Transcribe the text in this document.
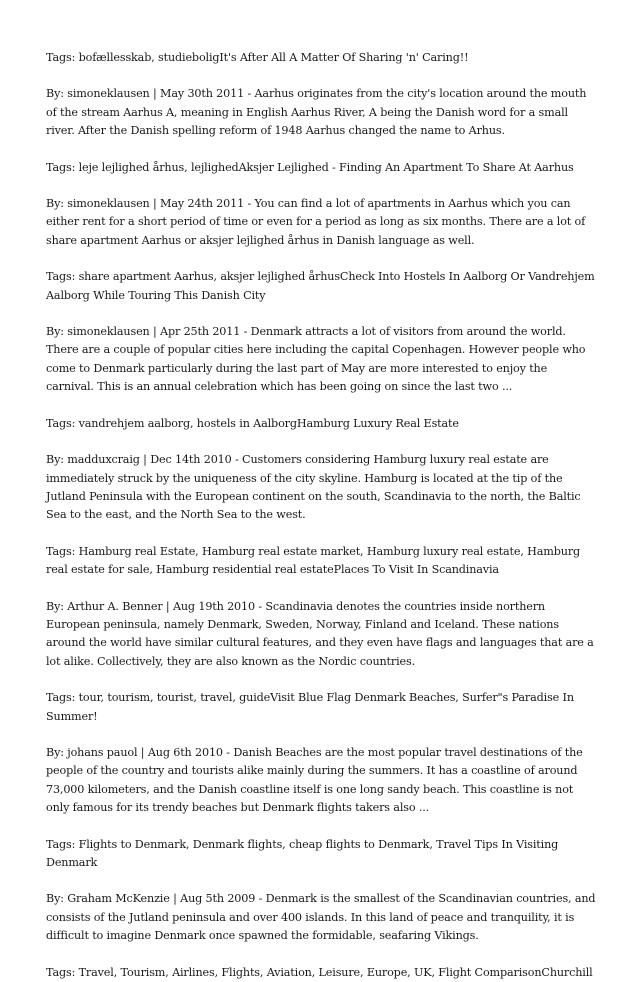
Tags: bofællesskab, studieboligIt's After All A Matter Of Sharing 'n' Caring!!

By: simoneklausen | May 30th 2011 - Aarhus originates from the city's location around the mouth of the stream Aarhus A, meaning in English Aarhus River, A being the Danish word for a small river. After the Danish spelling reform of 1948 Aarhus changed the name to Arhus.

Tags: leje lejlighed århus, lejlighedAksjer Lejlighed - Finding An Apartment To Share At Aarhus

By: simoneklausen | May 24th 2011 - You can find a lot of apartments in Aarhus which you can either rent for a short period of time or even for a period as long as six months. There are a lot of share apartment Aarhus or aksjer lejlighed århus in Danish language as well.

Tags: share apartment Aarhus, aksjer lejlighed århusCheck Into Hostels In Aalborg Or Vandrehjem Aalborg While Touring This Danish City

By: simoneklausen | Apr 25th 2011 - Denmark attracts a lot of visitors from around the world. There are a couple of popular cities here including the capital Copenhagen. However people who come to Denmark particularly during the last part of May are more interested to enjoy the carnival. This is an annual celebration which has been going on since the last two ...

Tags: vandrehjem aalborg, hostels in AalborgHamburg Luxury Real Estate

By: madduxcraig | Dec 14th 2010 - Customers considering Hamburg luxury real estate are immediately struck by the uniqueness of the city skyline. Hamburg is located at the tip of the Jutland Peninsula with the European continent on the south, Scandinavia to the north, the Baltic Sea to the east, and the North Sea to the west.

Tags: Hamburg real Estate, Hamburg real estate market, Hamburg luxury real estate, Hamburg real estate for sale, Hamburg residential real estatePlaces To Visit In Scandinavia

By: Arthur A. Benner | Aug 19th 2010 - Scandinavia denotes the countries inside northern European peninsula, namely Denmark, Sweden, Norway, Finland and Iceland. These nations around the world have similar cultural features, and they even have flags and languages that are a lot alike. Collectively, they are also known as the Nordic countries.

Tags: tour, tourism, tourist, travel, guideVisit Blue Flag Denmark Beaches, Surfer"s Paradise In Summer!

By: johans pauol | Aug 6th 2010 - Danish Beaches are the most popular travel destinations of the people of the country and tourists alike mainly during the summers. It has a coastline of around 73,000 kilometers, and the Danish coastline itself is one long sandy beach. This coastline is not only famous for its trendy beaches but Denmark flights takers also ...

Tags: Flights to Denmark, Denmark flights, cheap flights to Denmark, Travel Tips In Visiting Denmark

By: Graham McKenzie | Aug 5th 2009 - Denmark is the smallest of the Scandinavian countries, and consists of the Jutland peninsula and over 400 islands. In this land of peace and tranquility, it is difficult to imagine Denmark once spawned the formidable, seafaring Vikings.

Tags: Travel, Tourism, Airlines, Flights, Aviation, Leisure, Europe, UK, Flight ComparisonChurchill
